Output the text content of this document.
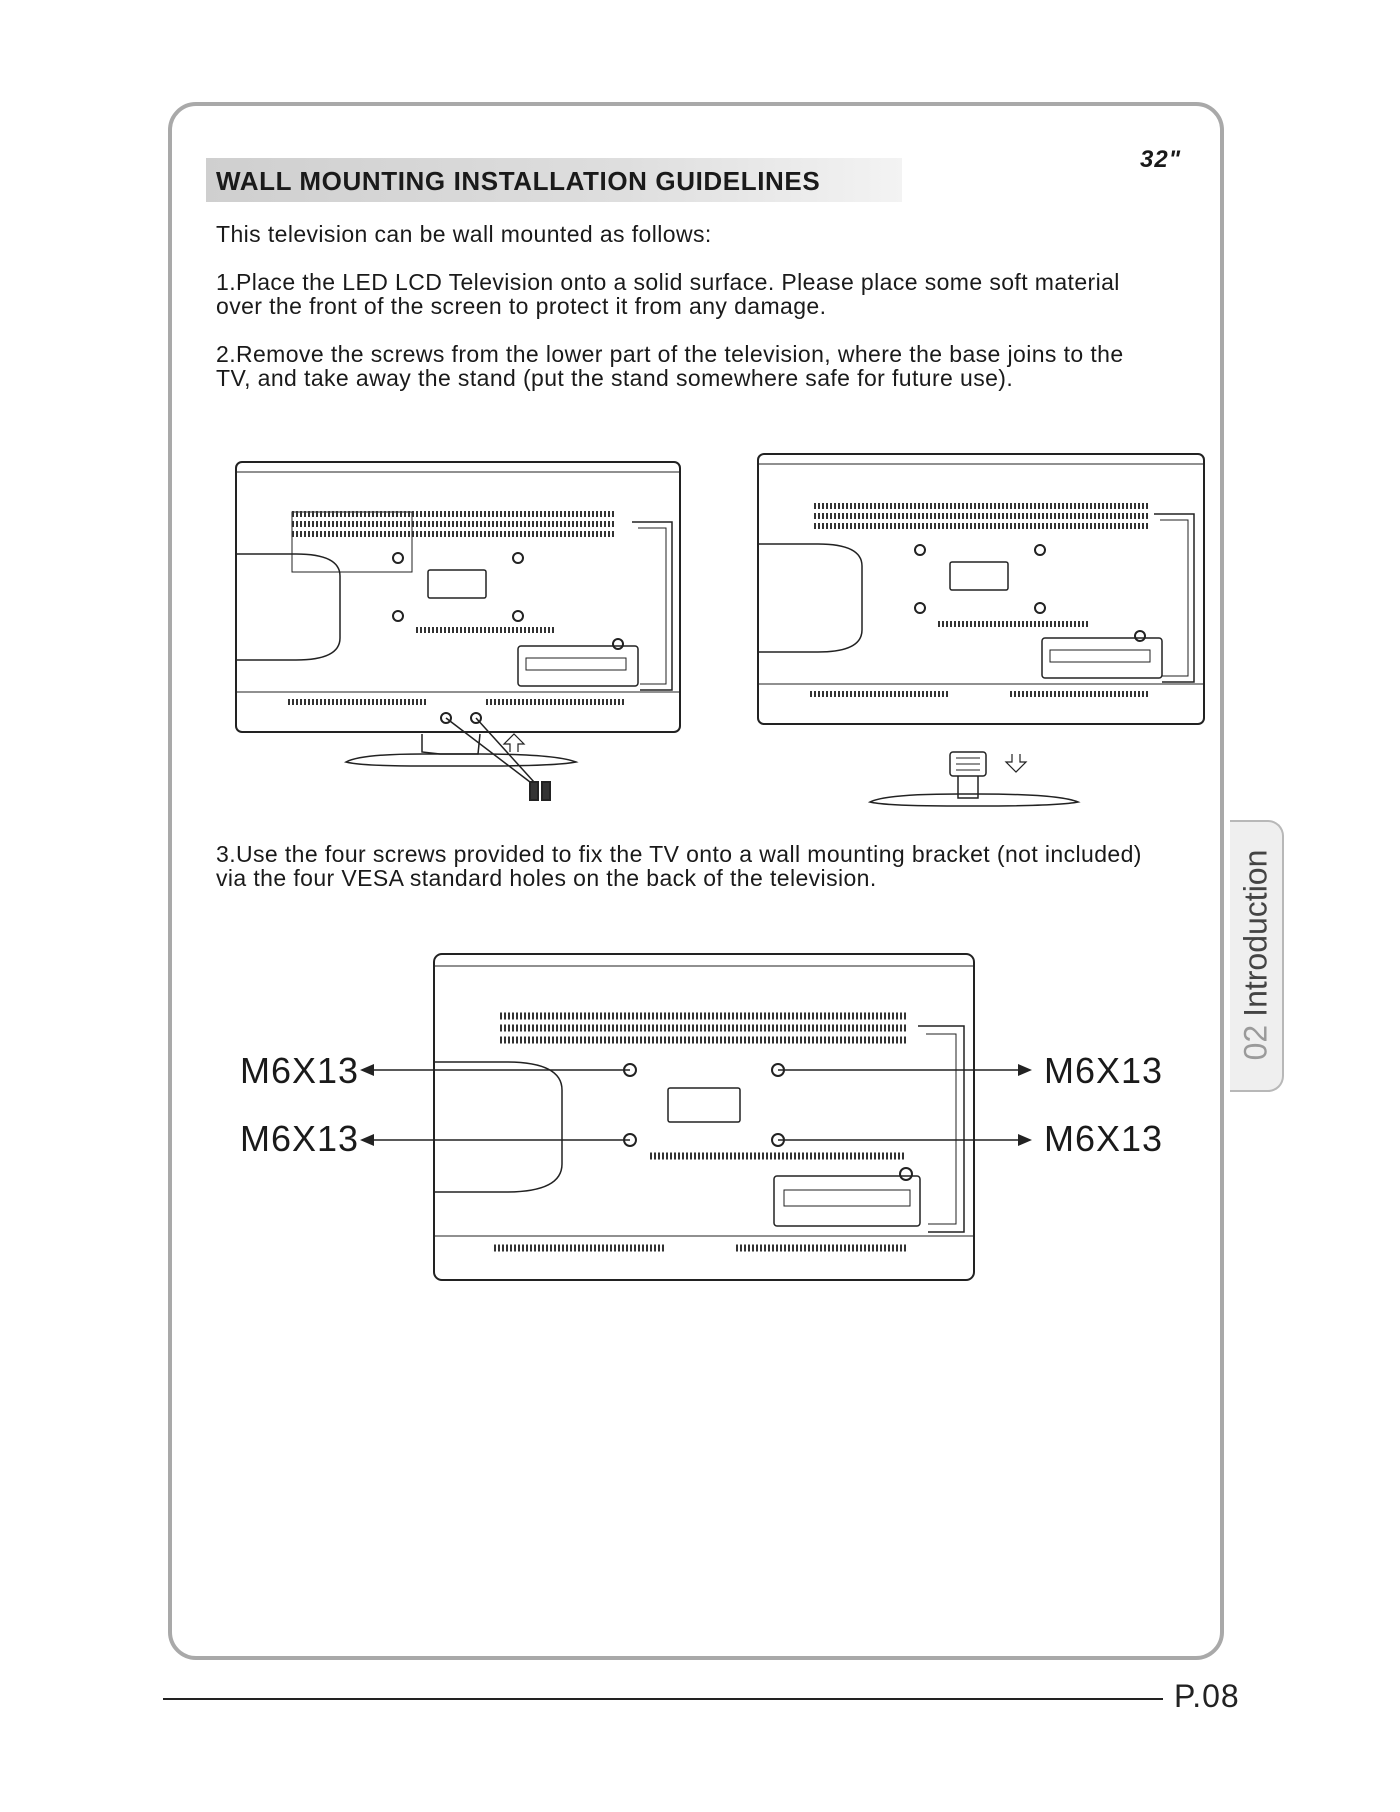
32"
WALL MOUNTING INSTALLATION GUIDELINES
This television can be wall mounted as follows:
1.Place the LED LCD Television onto a solid surface. Please place some soft material
over the front of the screen to protect it from any damage.
2.Remove the screws from the lower part of the television, where the base joins to the
TV, and take away the stand (put the stand somewhere safe for future use).
3.Use the four screws provided to fix the TV onto a wall mounting bracket (not included)
via the four VESA standard holes on the back of the television.
M6X13
M6X13
M6X13
M6X13
02Introduction
P.08
